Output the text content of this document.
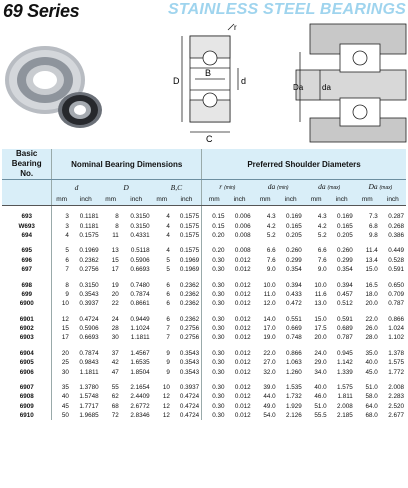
69 Series	STAINLESS STEEL BEARINGS
r
D	d
B
C
Da da
Basic
Bearing
No.	Nominal Bearing Dimensions						Preferred Shoulder Diameters							
	d		D		B,C		r (min)		da (min)		da (max)		Da (max)	
	mm	inch	mm	inch	mm	inch	mm	inch	mm	inch	mm	inch	mm	inch

693	3	0.1181	8	0.3150	4	0.1575	0.15	0.006	4.3	0.169	4.3	0.169	7.3	0.287
W693	3	0.1181	8	0.3150	4	0.1575	0.15	0.006	4.2	0.165	4.2	0.165	6.8	0.268
694	4	0.1575	11	0.4331	4	0.1575	0.20	0.008	5.2	0.205	5.2	0.205	9.8	0.386

695	5	0.1969	13	0.5118	4	0.1575	0.20	0.008	6.6	0.260	6.6	0.260	11.4	0.449
696	6	0.2362	15	0.5906	5	0.1969	0.30	0.012	7.6	0.299	7.6	0.299	13.4	0.528
697	7	0.2756	17	0.6693	5	0.1969	0.30	0.012	9.0	0.354	9.0	0.354	15.0	0.591

698	8	0.3150	19	0.7480	6	0.2362	0.30	0.012	10.0	0.394	10.0	0.394	16.5	0.650
699	9	0.3543	20	0.7874	6	0.2362	0.30	0.012	11.0	0.433	11.6	0.457	18.0	0.709
6900	10	0.3937	22	0.8661	6	0.2362	0.30	0.012	12.0	0.472	13.0	0.512	20.0	0.787

6901	12	0.4724	24	0.9449	6	0.2362	0.30	0.012	14.0	0.551	15.0	0.591	22.0	0.866
6902	15	0.5906	28	1.1024	7	0.2756	0.30	0.012	17.0	0.669	17.5	0.689	26.0	1.024
6903	17	0.6693	30	1.1811	7	0.2756	0.30	0.012	19.0	0.748	20.0	0.787	28.0	1.102

6904	20	0.7874	37	1.4567	9	0.3543	0.30	0.012	22.0	0.866	24.0	0.945	35.0	1.378
6905	25	0.9843	42	1.6535	9	0.3543	0.30	0.012	27.0	1.063	29.0	1.142	40.0	1.575
6906	30	1.1811	47	1.8504	9	0.3543	0.30	0.012	32.0	1.260	34.0	1.339	45.0	1.772

6907	35	1.3780	55	2.1654	10	0.3937	0.30	0.012	39.0	1.535	40.0	1.575	51.0	2.008
6908	40	1.5748	62	2.4409	12	0.4724	0.30	0.012	44.0	1.732	46.0	1.811	58.0	2.283
6909	45	1.7717	68	2.6772	12	0.4724	0.30	0.012	49.0	1.929	51.0	2.008	64.0	2.520
6910	50	1.9685	72	2.8346	12	0.4724	0.30	0.012	54.0	2.126	55.5	2.185	68.0	2.677
